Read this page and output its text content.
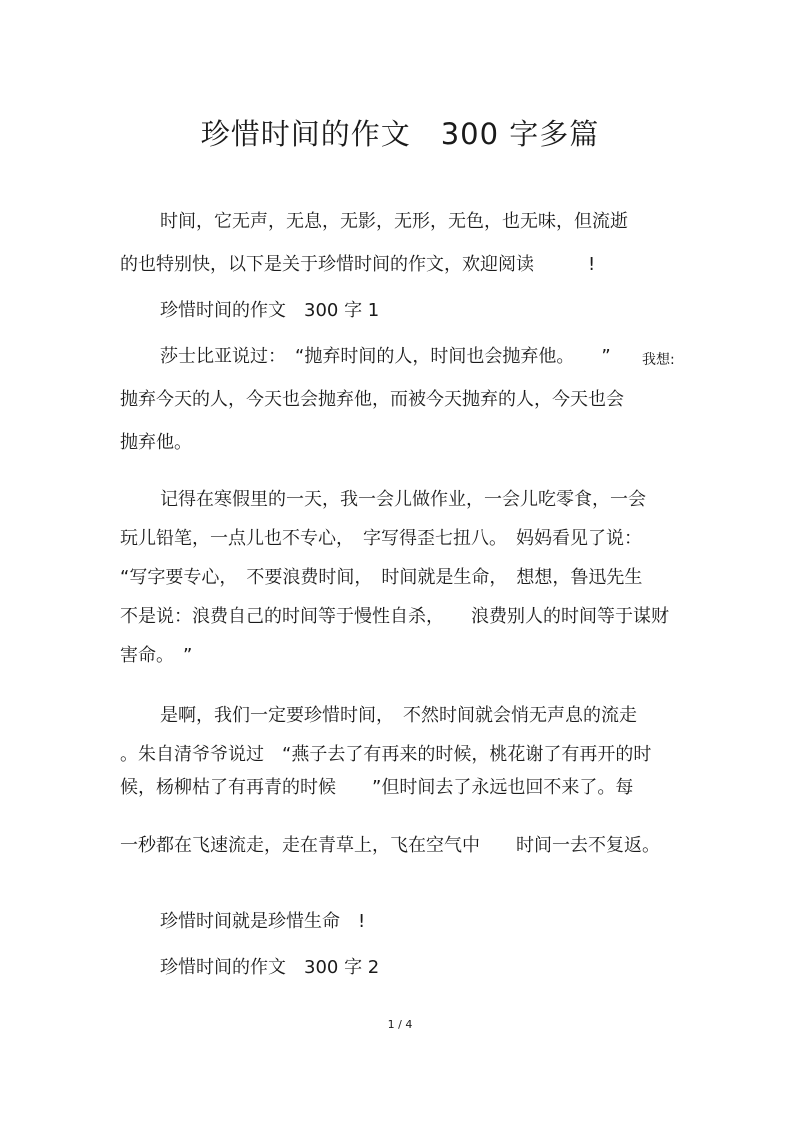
珍惜时间的作文　300 字多篇
时间，它无声，无息，无影，无形，无色，也无味，但流逝
的也特别快，以下是关于珍惜时间的作文，欢迎阅读　　　!
珍惜时间的作文　300 字 1
莎士比亚说过：　“抛弃时间的人，时间也会抛弃他。　　” 我想:
抛弃今天的人，今天也会抛弃他，而被今天抛弃的人，今天也会
抛弃他。
记得在寒假里的一天，我一会儿做作业，一会儿吃零食，一会
玩儿铅笔，一点儿也不专心，　字写得歪七扭八。　妈妈看见了说：
“写字要专心，　不要浪费时间，　时间就是生命，　想想，鲁迅先生
不是说：浪费自己的时间等于慢性自杀，　　浪费别人的时间等于谋财
害命。　”
是啊，我们一定要珍惜时间，　不然时间就会悄无声息的流走
。朱自清爷爷说过　“燕子去了有再来的时候，桃花谢了有再开的时
候，杨柳枯了有再青的时候　　”但时间去了永远也回不来了。每
一秒都在飞速流走，走在青草上，飞在空气中　　时间一去不复返。
珍惜时间就是珍惜生命　!
珍惜时间的作文　300 字 2
1 / 4
